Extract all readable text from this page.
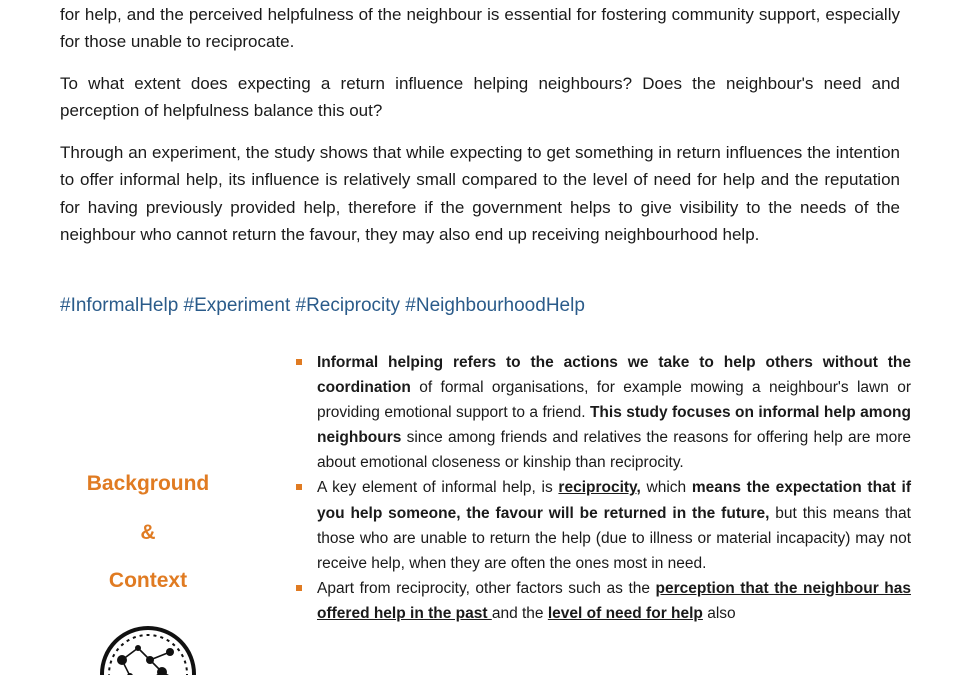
for help, and the perceived helpfulness of the neighbour is essential for fostering community support, especially for those unable to reciprocate.

To what extent does expecting a return influence helping neighbours? Does the neighbour's need and perception of helpfulness balance this out?

Through an experiment, the study shows that while expecting to get something in return influences the intention to offer informal help, its influence is relatively small compared to the level of need for help and the reputation for having previously provided help, therefore if the government helps to give visibility to the needs of the neighbour who cannot return the favour, they may also end up receiving neighbourhood help.

#InformalHelp #Experiment #Reciprocity #NeighbourhoodHelp

Background
&
Context
Informal helping refers to the actions we take to help others without the coordination of formal organisations, for example mowing a neighbour's lawn or providing emotional support to a friend. This study focuses on informal help among neighbours since among friends and relatives the reasons for offering help are more about emotional closeness or kinship than reciprocity.
A key element of informal help, is reciprocity, which means the expectation that if you help someone, the favour will be returned in the future, but this means that those who are unable to return the help (due to illness or material incapacity) may not receive help, when they are often the ones most in need.
Apart from reciprocity, other factors such as the perception that the neighbour has offered help in the past and the level of need for help also
